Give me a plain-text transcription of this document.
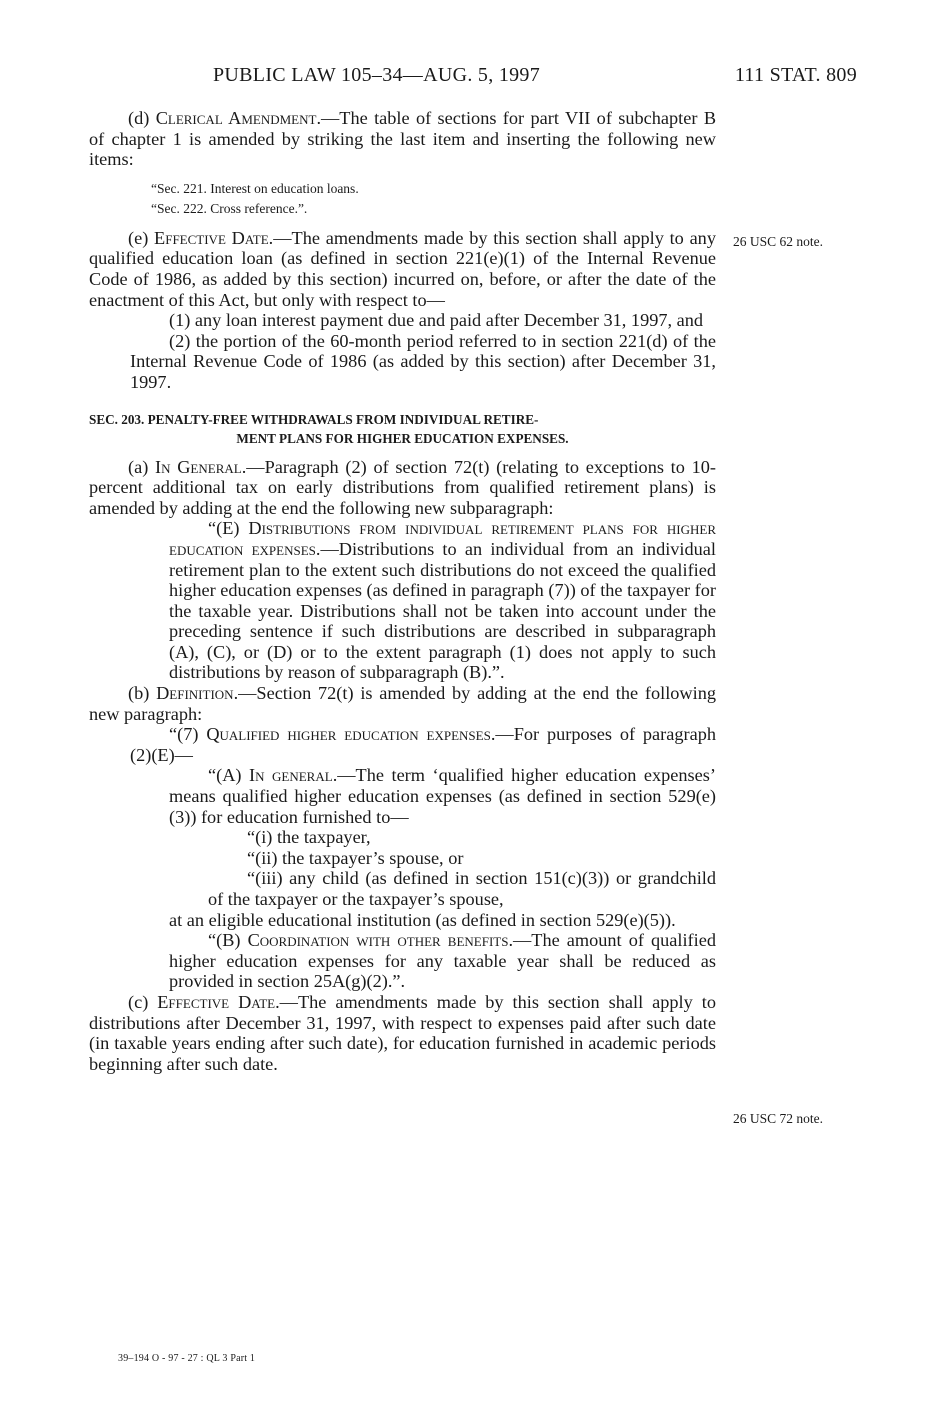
PUBLIC LAW 105–34—AUG. 5, 1997	111 STAT. 809
26 USC 62 note.
26 USC 72 note.

(d) Clerical Amendment.—The table of sections for part VII of subchapter B of chapter 1 is amended by striking the last item and inserting the following new items:

“Sec. 221. Interest on education loans.
“Sec. 222. Cross reference.”.

(e) Effective Date.—The amendments made by this section shall apply to any qualified education loan (as defined in section 221(e)(1) of the Internal Revenue Code of 1986, as added by this section) incurred on, before, or after the date of the enactment of this Act, but only with respect to—

(1) any loan interest payment due and paid after December 31, 1997, and

(2) the portion of the 60-month period referred to in section 221(d) of the Internal Revenue Code of 1986 (as added by this section) after December 31, 1997.

SEC. 203. PENALTY-FREE WITHDRAWALS FROM INDIVIDUAL RETIRE-
MENT PLANS FOR HIGHER EDUCATION EXPENSES.

(a) In General.—Paragraph (2) of section 72(t) (relating to exceptions to 10-percent additional tax on early distributions from qualified retirement plans) is amended by adding at the end the following new subparagraph:

“(E) Distributions from individual retirement plans for higher education expenses.—Distributions to an individual from an individual retirement plan to the extent such distributions do not exceed the qualified higher education expenses (as defined in paragraph (7)) of the taxpayer for the taxable year. Distributions shall not be taken into account under the preceding sentence if such distributions are described in subparagraph (A), (C), or (D) or to the extent paragraph (1) does not apply to such distributions by reason of subparagraph (B).”.

(b) Definition.—Section 72(t) is amended by adding at the end the following new paragraph:

“(7) Qualified higher education expenses.—For purposes of paragraph (2)(E)—

“(A) In general.—The term ‘qualified higher education expenses’ means qualified higher education expenses (as defined in section 529(e)(3)) for education furnished to—

“(i) the taxpayer,

“(ii) the taxpayer’s spouse, or

“(iii) any child (as defined in section 151(c)(3)) or grandchild of the taxpayer or the taxpayer’s spouse,

at an eligible educational institution (as defined in section 529(e)(5)).

“(B) Coordination with other benefits.—The amount of qualified higher education expenses for any taxable year shall be reduced as provided in section 25A(g)(2).”.

(c) Effective Date.—The amendments made by this section shall apply to distributions after December 31, 1997, with respect to expenses paid after such date (in taxable years ending after such date), for education furnished in academic periods beginning after such date.

39–194 O - 97 - 27 : QL 3 Part 1
